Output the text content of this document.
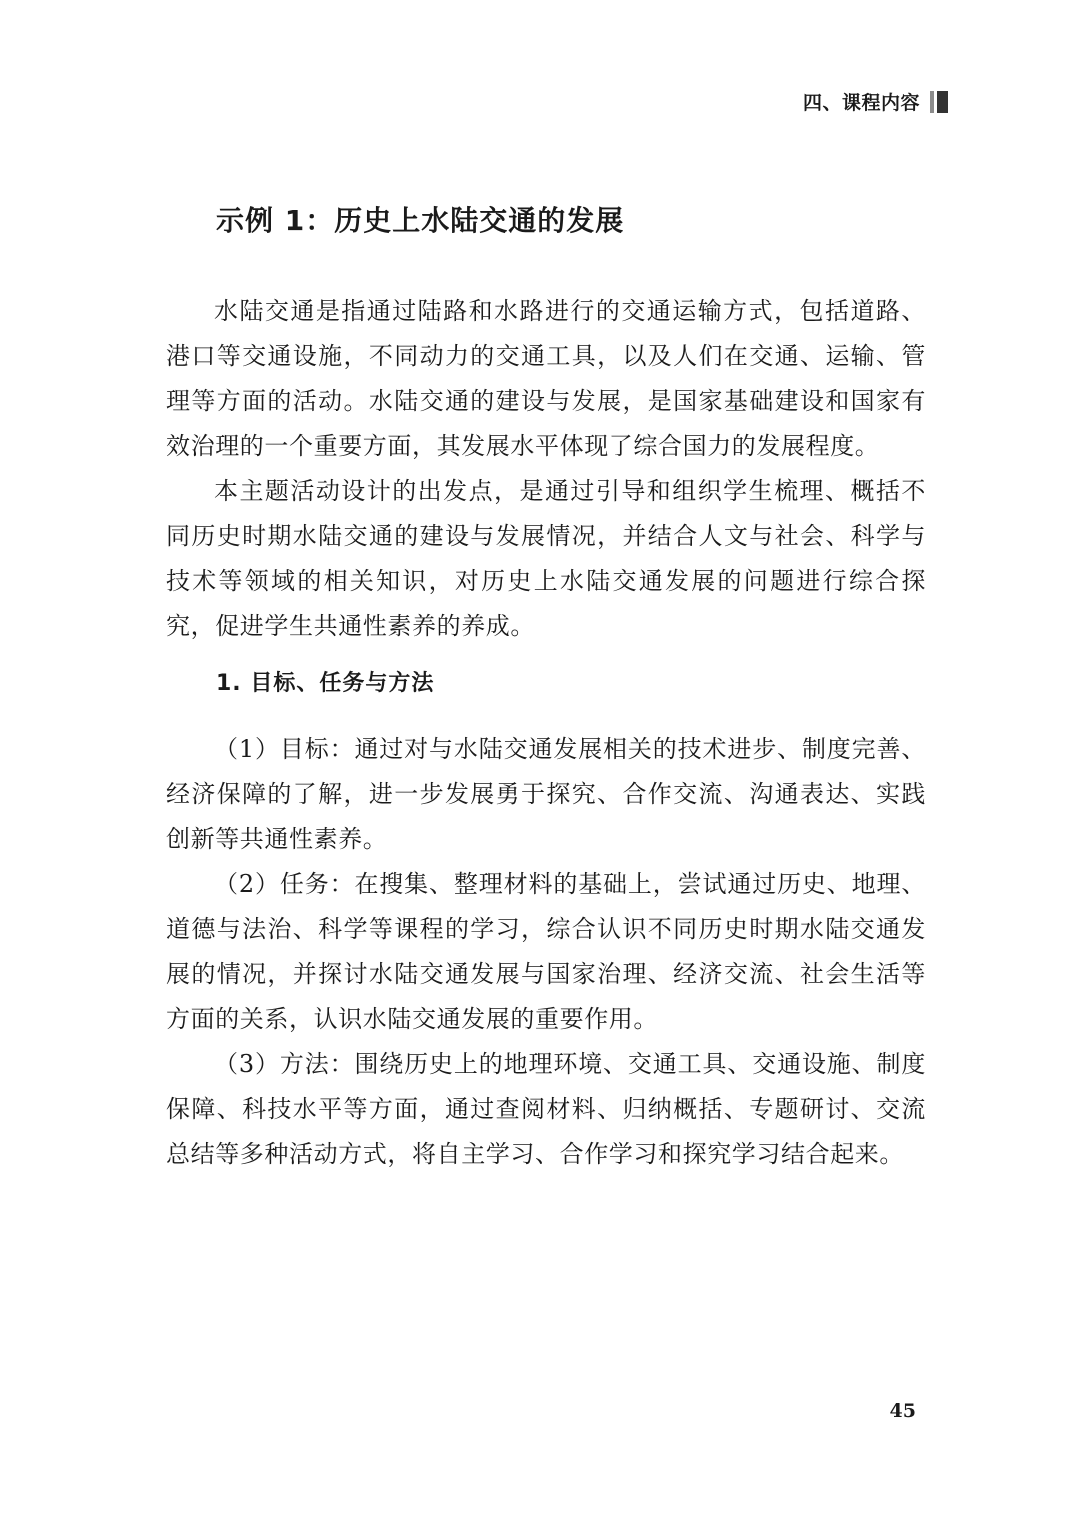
四、课程内容
示例 1：历史上水陆交通的发展

水陆交通是指通过陆路和水路进行的交通运输方式，包括道路、港口等交通设施，不同动力的交通工具，以及人们在交通、运输、管理等方面的活动。水陆交通的建设与发展，是国家基础建设和国家有效治理的一个重要方面，其发展水平体现了综合国力的发展程度。

本主题活动设计的出发点，是通过引导和组织学生梳理、概括不同历史时期水陆交通的建设与发展情况，并结合人文与社会、科学与技术等领域的相关知识，对历史上水陆交通发展的问题进行综合探究，促进学生共通性素养的养成。

1. 目标、任务与方法

（1）目标：通过对与水陆交通发展相关的技术进步、制度完善、经济保障的了解，进一步发展勇于探究、合作交流、沟通表达、实践创新等共通性素养。

（2）任务：在搜集、整理材料的基础上，尝试通过历史、地理、道德与法治、科学等课程的学习，综合认识不同历史时期水陆交通发展的情况，并探讨水陆交通发展与国家治理、经济交流、社会生活等方面的关系，认识水陆交通发展的重要作用。

（3）方法：围绕历史上的地理环境、交通工具、交通设施、制度保障、科技水平等方面，通过查阅材料、归纳概括、专题研讨、交流总结等多种活动方式，将自主学习、合作学习和探究学习结合起来。

45
